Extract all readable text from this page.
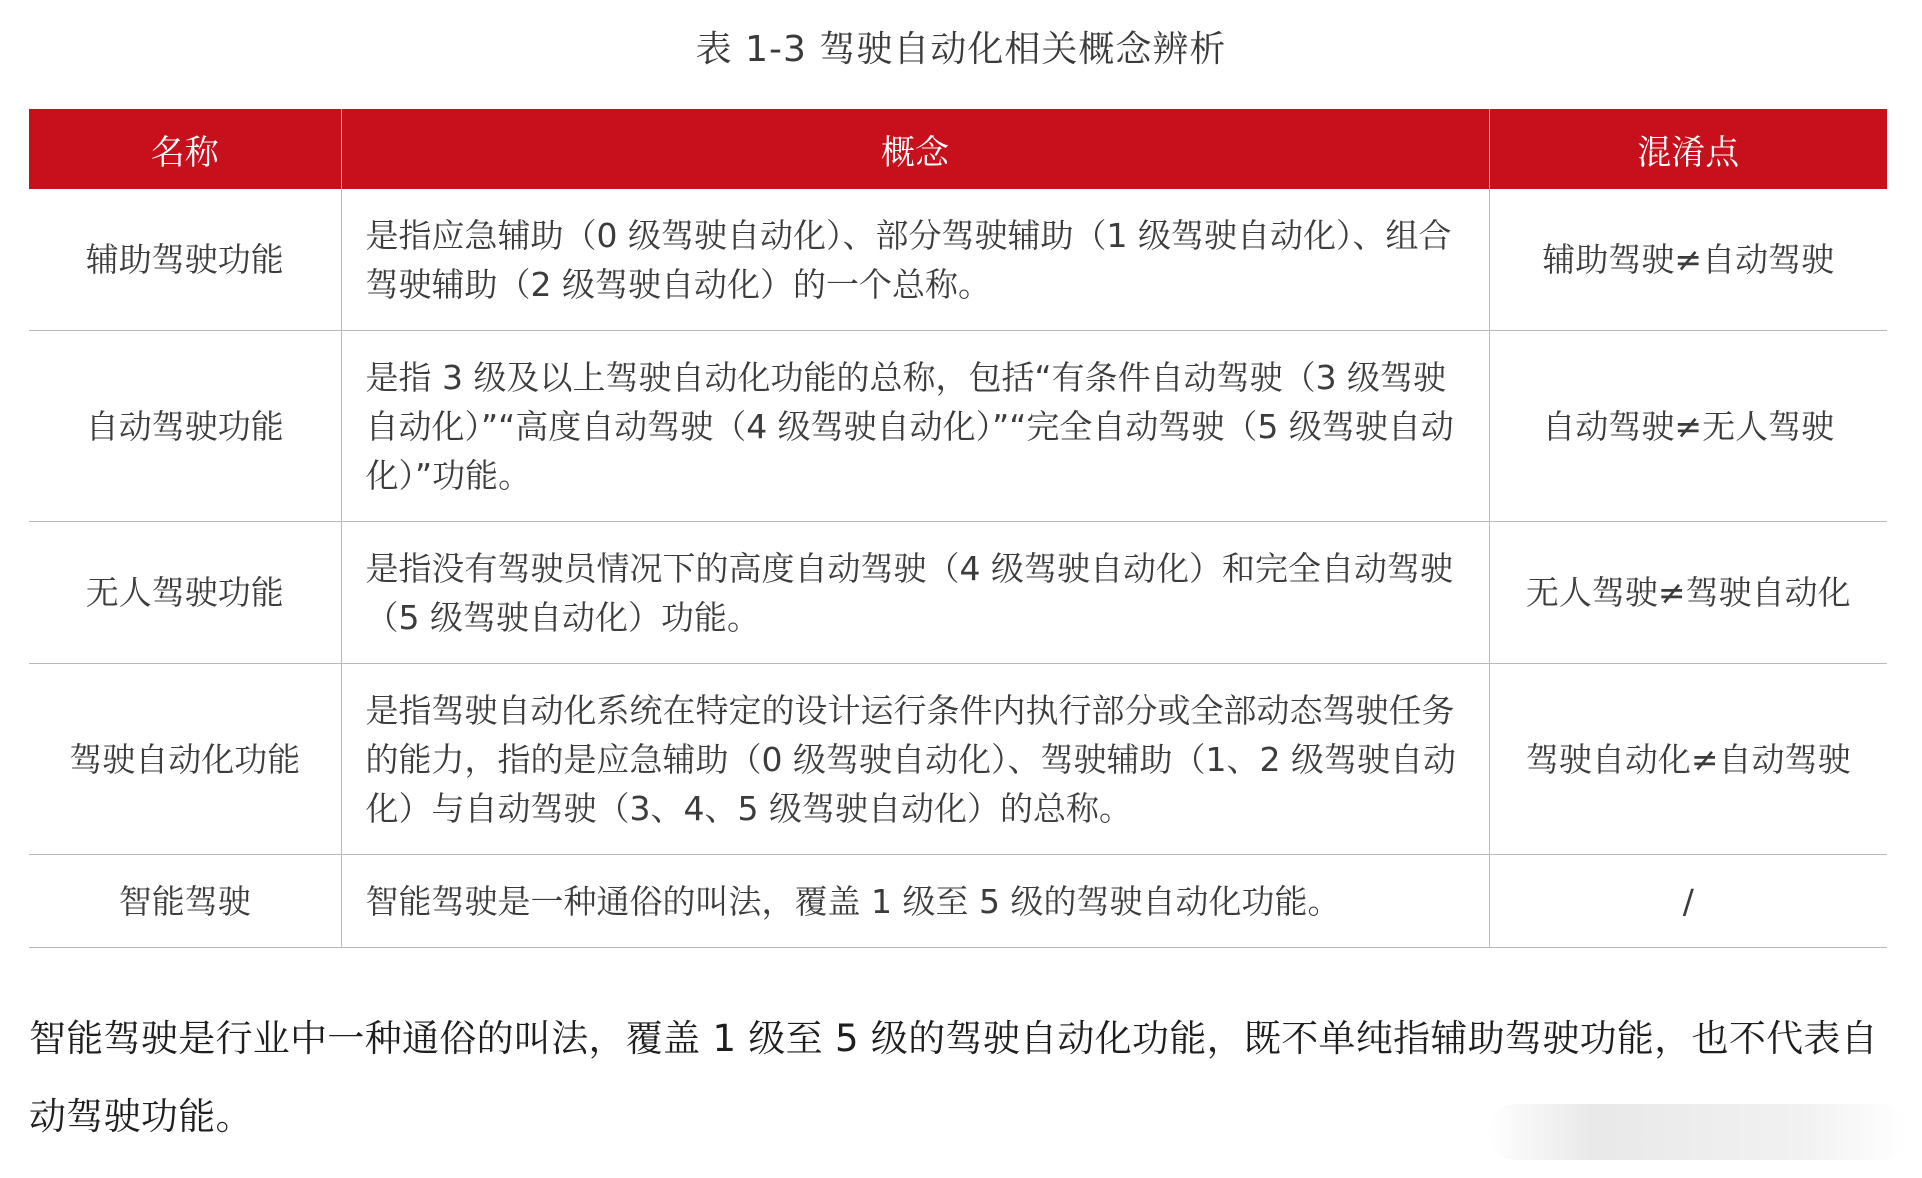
表 1-3 驾驶自动化相关概念辨析
名称	概念	混淆点
辅助驾驶功能	是指应急辅助（0 级驾驶自动化）、部分驾驶辅助（1 级驾驶自动化）、组合驾驶辅助（2 级驾驶自动化）的一个总称。	辅助驾驶≠自动驾驶
自动驾驶功能	是指 3 级及以上驾驶自动化功能的总称，包括“有条件自动驾驶（3 级驾驶自动化）”“高度自动驾驶（4 级驾驶自动化）”“完全自动驾驶（5 级驾驶自动化）”功能。	自动驾驶≠无人驾驶
无人驾驶功能	是指没有驾驶员情况下的高度自动驾驶（4 级驾驶自动化）和完全自动驾驶（5 级驾驶自动化）功能。	无人驾驶≠驾驶自动化
驾驶自动化功能	是指驾驶自动化系统在特定的设计运行条件内执行部分或全部动态驾驶任务的能力，指的是应急辅助（0 级驾驶自动化）、驾驶辅助（1、2 级驾驶自动化）与自动驾驶（3、4、5 级驾驶自动化）的总称。	驾驶自动化≠自动驾驶
智能驾驶	智能驾驶是一种通俗的叫法，覆盖 1 级至 5 级的驾驶自动化功能。	/

智能驾驶是行业中一种通俗的叫法，覆盖 1 级至 5 级的驾驶自动化功能，既不单纯指辅助驾驶功能，也不代表自动驾驶功能。
